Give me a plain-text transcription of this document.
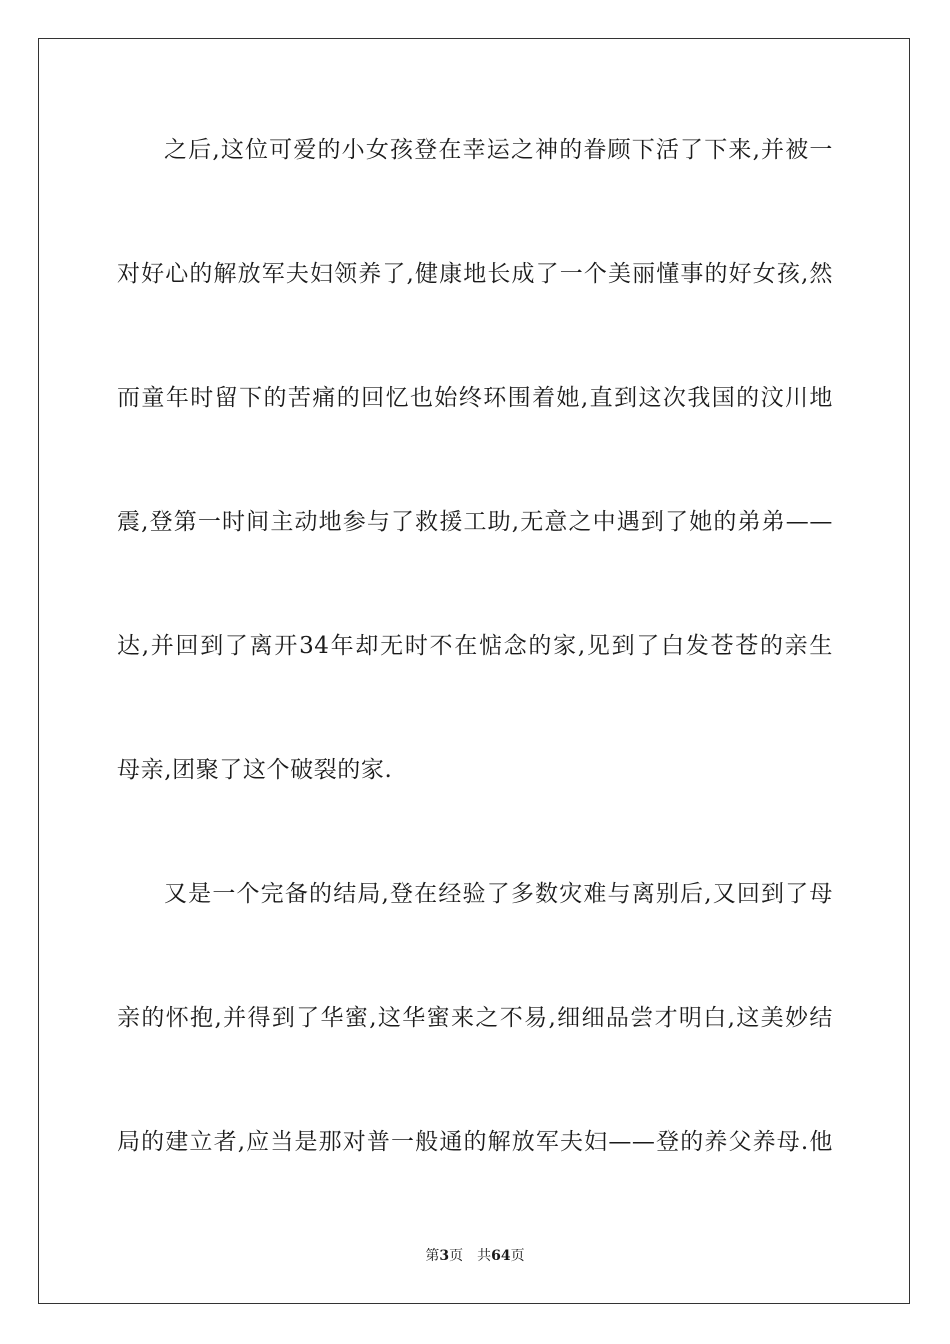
之后,这位可爱的小女孩登在幸运之神的眷顾下活了下来,并被一
对好心的解放军夫妇领养了,健康地长成了一个美丽懂事的好女孩,然
而童年时留下的苦痛的回忆也始终环围着她,直到这次我国的汶川地
震,登第一时间主动地参与了救援工助,无意之中遇到了她的弟弟——
达,并回到了离开34年却无时不在惦念的家,见到了白发苍苍的亲生
母亲,团聚了这个破裂的家.
又是一个完备的结局,登在经验了多数灾难与离别后,又回到了母
亲的怀抱,并得到了华蜜,这华蜜来之不易,细细品尝才明白,这美妙结
局的建立者,应当是那对普一般通的解放军夫妇——登的养父养母.他
第3页 共64页
